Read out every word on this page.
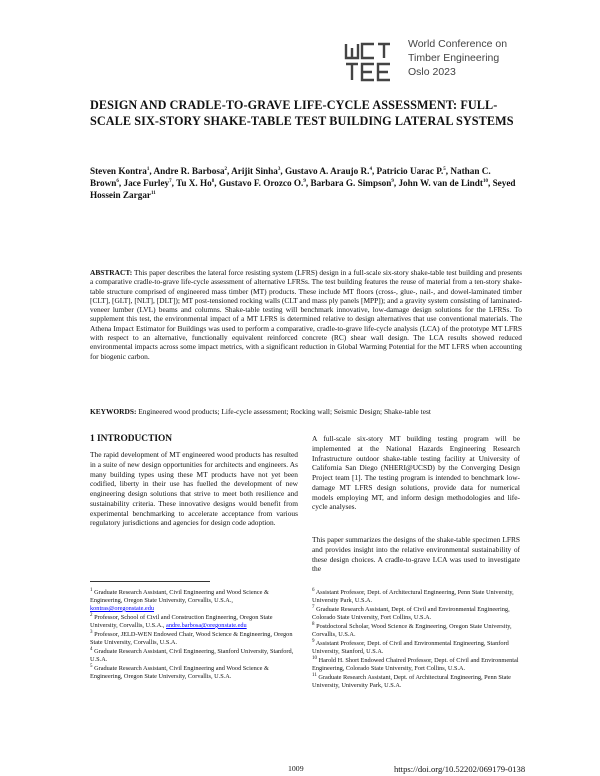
World Conference on
Timber Engineering
Oslo 2023
DESIGN AND CRADLE-TO-GRAVE LIFE-CYCLE ASSESSMENT: FULL-SCALE SIX-STORY SHAKE-TABLE TEST BUILDING LATERAL SYSTEMS
Steven Kontra$^1$, Andre R. Barbosa$^2$, Arijit Sinha$^3$, Gustavo A. Araujo R.$^4$, Patricio Uarac P.$^5$, Nathan C. Brown$^6$, Jace Furley$^7$, Tu X. Ho$^8$, Gustavo F. Orozco O.$^9$, Barbara G. Simpson$^9$, John W. van de Lindt$^{10}$, Seyed Hossein Zargar$^{11}$
ABSTRACT: This paper describes the lateral force resisting system (LFRS) design in a full-scale six-story shake-table test building and presents a comparative cradle-to-grave life-cycle assessment of alternative LFRSs. The test building features the reuse of material from a ten-story shake-table structure comprised of engineered mass timber (MT) products. These include MT floors (cross-, glue-, nail-, and dowel-laminated timber [CLT], [GLT], [NLT], [DLT]); MT post-tensioned rocking walls (CLT and mass ply panels [MPP]); and a gravity system consisting of laminated-veneer lumber (LVL) beams and columns. Shake-table testing will benchmark innovative, low-damage design solutions for the LFRSs. To supplement this test, the environmental impact of a MT LFRS is determined relative to design alternatives that use conventional materials. The Athena Impact Estimator for Buildings was used to perform a comparative, cradle-to-grave life-cycle analysis (LCA) of the prototype MT LFRS with respect to an alternative, functionally equivalent reinforced concrete (RC) shear wall design. The LCA results showed reduced environmental impacts across some impact metrics, with a significant reduction in Global Warming Potential for the MT LFRS when accounting for biogenic carbon.
KEYWORDS: Engineered wood products; Life-cycle assessment; Rocking wall; Seismic Design; Shake-table test
1 INTRODUCTION
The rapid development of MT engineered wood products has resulted in a suite of new design opportunities for architects and engineers. As many building types using these MT products have not yet been codified, liberty in their use has fuelled the development of new engineering design solutions that strive to meet both resilience and sustainability criteria. These innovative designs would benefit from experimental benchmarking to accelerate acceptance from various regulatory jurisdictions and agencies for design code adoption.
A full-scale six-story MT building testing program will be implemented at the National Hazards Engineering Research Infrastructure outdoor shake-table testing facility at University of California San Diego (NHERI@UCSD) by the Converging Design Project team [1]. The testing program is intended to benchmark low-damage MT LFRS design solutions, provide data for numerical models employing MT, and inform design methodologies and life-cycle analyses.
This paper summarizes the designs of the shake-table specimen LFRS and provides insight into the relative environmental sustainability of these design choices. A cradle-to-grave LCA was used to investigate the
$^1$ Graduate Research Assistant, Civil Engineering and Wood Science & Engineering, Oregon State University, Corvallis, U.S.A., kontras@oregonstate.edu
$^2$ Professor, School of Civil and Construction Engineering, Oregon State University, Corvallis, U.S.A., andre.barbosa@oregonstate.edu
$^3$ Professor, JELD-WEN Endowed Chair, Wood Science & Engineering, Oregon State University, Corvallis, U.S.A.
$^4$ Graduate Research Assistant, Civil Engineering, Stanford University, Stanford, U.S.A.
$^5$ Graduate Research Assistant, Civil Engineering and Wood Science & Engineering, Oregon State University, Corvallis, U.S.A.
$^6$ Assistant Professor, Dept. of Architectural Engineering, Penn State University, University Park, U.S.A.
$^7$ Graduate Research Assistant, Dept. of Civil and Environmental Engineering, Colorado State University, Fort Collins, U.S.A.
$^8$ Postdoctoral Scholar, Wood Science & Engineering, Oregon State University, Corvallis, U.S.A.
$^9$ Assistant Professor, Dept. of Civil and Environmental Engineering, Stanford University, Stanford, U.S.A.
$^{10}$ Harold H. Short Endowed Chaired Professor, Dept. of Civil and Environmental Engineering, Colorado State University, Fort Collins, U.S.A.
$^{11}$ Graduate Research Assistant, Dept. of Architectural Engineering, Penn State University, University Park, U.S.A.
1009	https://doi.org/10.52202/069179-0138
